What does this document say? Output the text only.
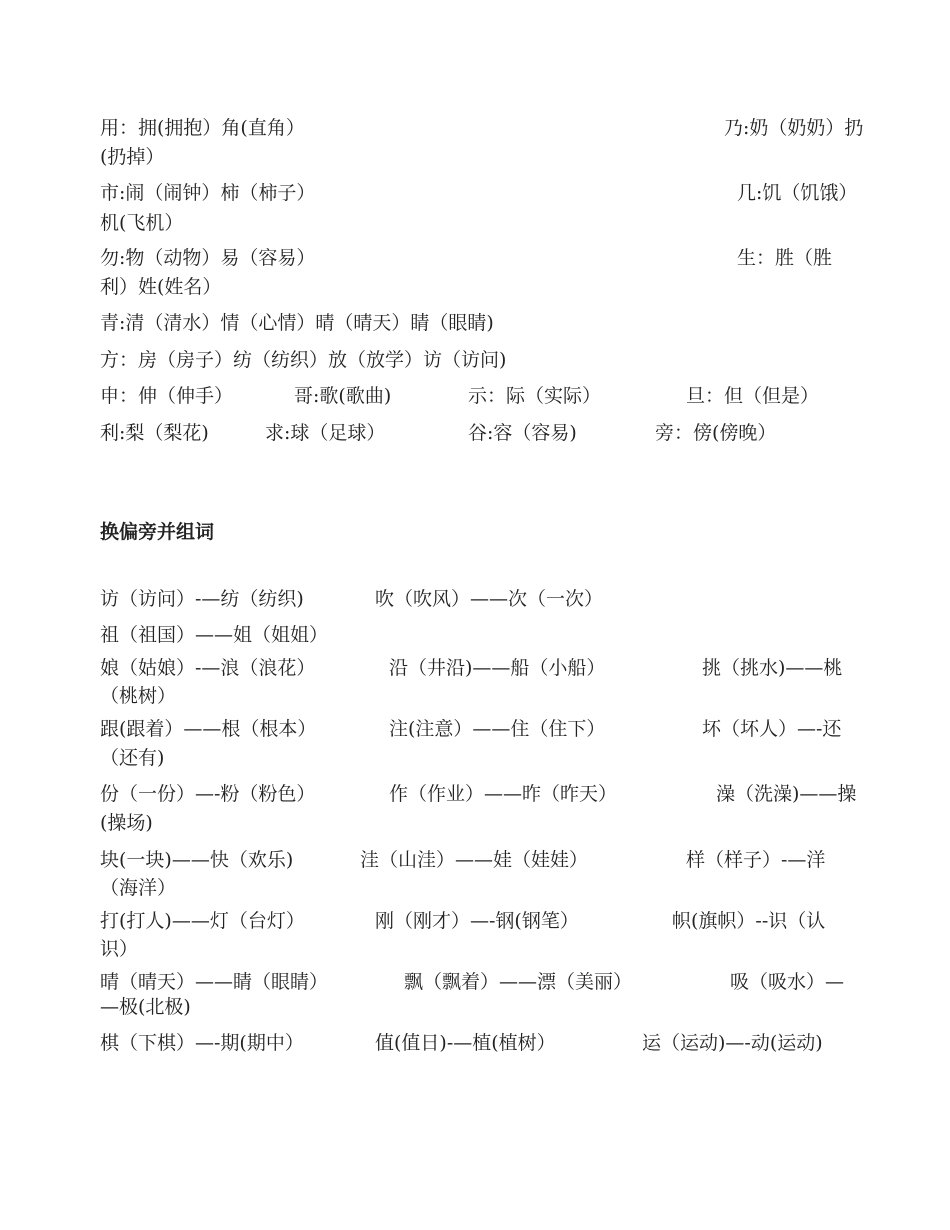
用：拥(拥抱）角(直角）	乃:奶（奶奶）扔
(扔掉）
市:闹（闹钟）柿（柿子）	几:饥（饥饿）
机(飞机）
勿:物（动物）易（容易）	生：胜（胜
利）姓(姓名）
青:清（清水）情（心情）晴（晴天）睛（眼睛)
方：房（房子）纺（纺织）放（放学）访（访问)
申：伸（伸手）	哥:歌(歌曲)	示：际（实际）	旦：但（但是）
利:梨（梨花)	求:球（足球）	谷:容（容易)	旁：傍(傍晚）
换偏旁并组词
访（访问）-—纺（纺织)	吹（吹风）——次（一次）
祖（祖国）——姐（姐姐）
娘（姑娘）-—浪（浪花）	沿（井沿)——船（小船）	挑（挑水)——桃
（桃树）
跟(跟着）——根（根本）	注(注意）——住（住下）	坏（坏人）—-还
（还有)
份（一份）—-粉（粉色）	作（作业）——昨（昨天）	澡（洗澡)——操
(操场)
块(一块)——快（欢乐)	洼（山洼）——娃（娃娃）	样（样子）-—洋
（海洋）
打(打人)——灯（台灯）	刚（刚才）—-钢(钢笔）	帜(旗帜）--识（认
识）
晴（晴天）——睛（眼睛）	飘（飘着）——漂（美丽）	吸（吸水）—
—极(北极)
棋（下棋）—-期(期中）	值(值日)-—植(植树）	运（运动)—-动(运动)
